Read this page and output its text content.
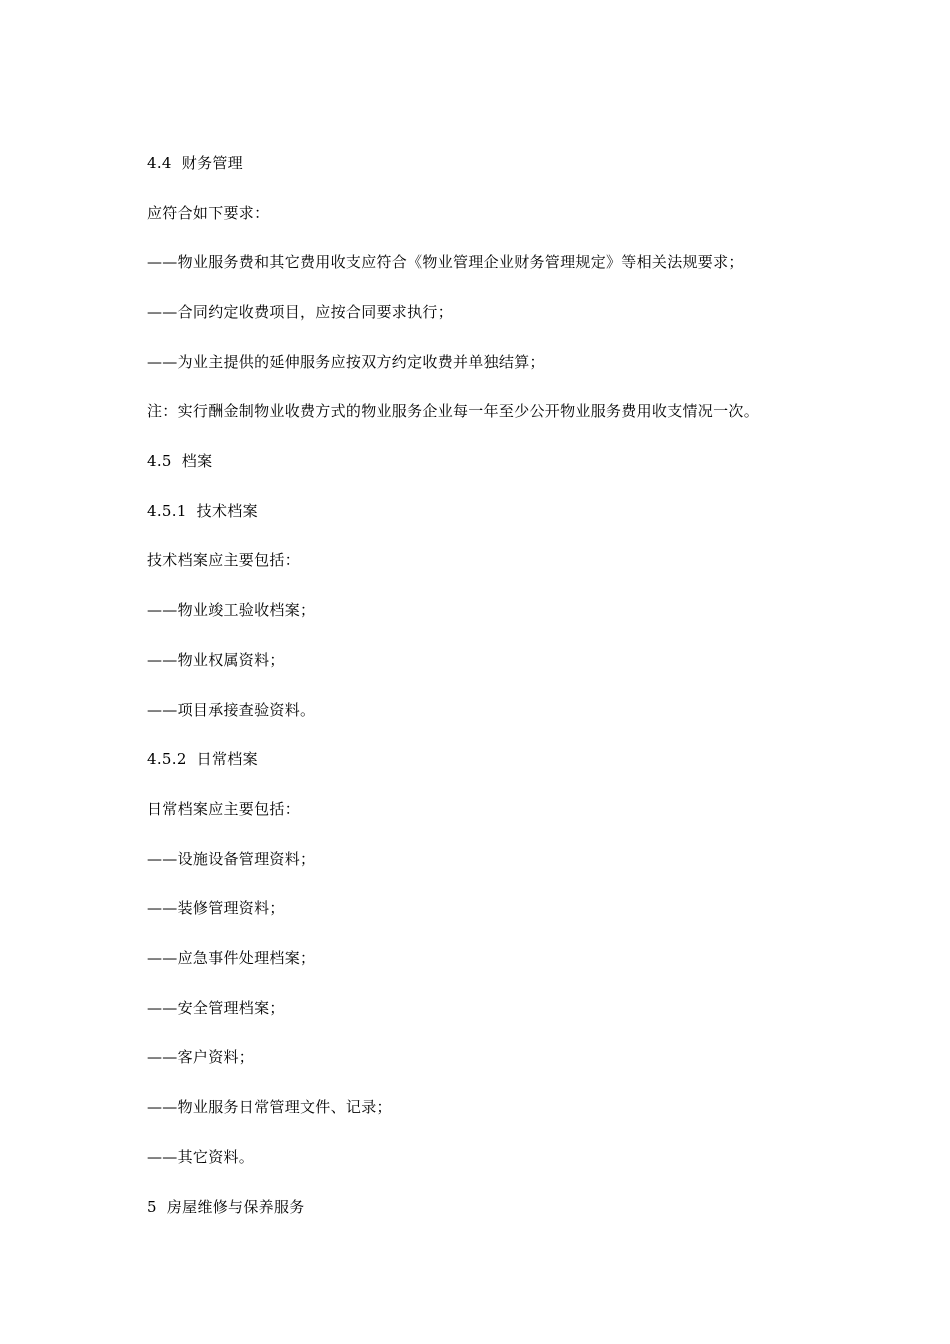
4.4 财务管理
应符合如下要求：
——物业服务费和其它费用收支应符合《物业管理企业财务管理规定》等相关法规要求；
——合同约定收费项目，应按合同要求执行；
——为业主提供的延伸服务应按双方约定收费并单独结算；
注：实行酬金制物业收费方式的物业服务企业每一年至少公开物业服务费用收支情况一次。
4.5 档案
4.5.1 技术档案
技术档案应主要包括：
——物业竣工验收档案；
——物业权属资料；
——项目承接查验资料。
4.5.2 日常档案
日常档案应主要包括：
——设施设备管理资料；
——装修管理资料；
——应急事件处理档案；
——安全管理档案；
——客户资料；
——物业服务日常管理文件、记录；
——其它资料。
5 房屋维修与保养服务
